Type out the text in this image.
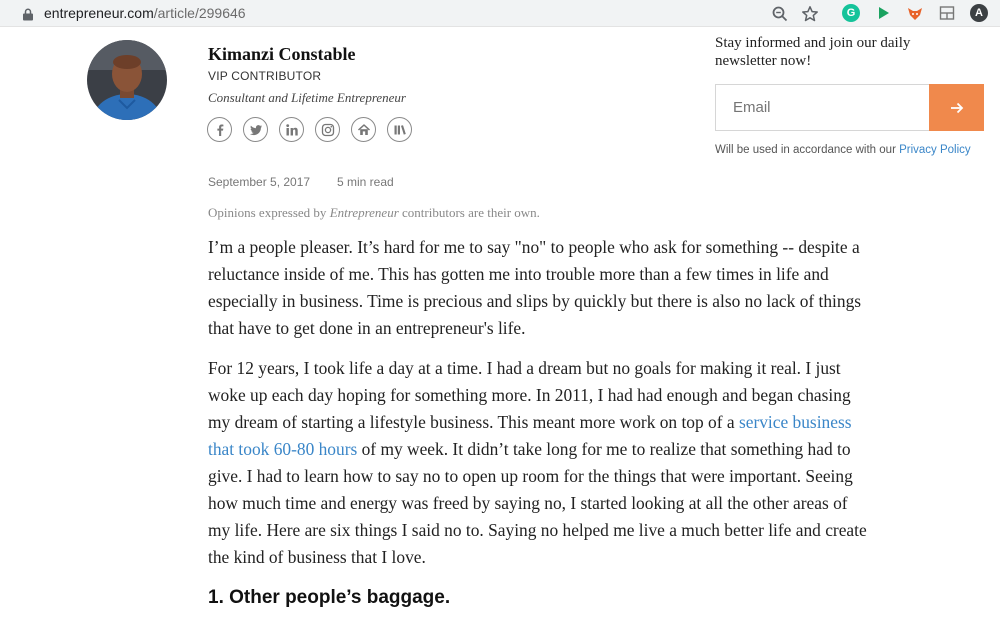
entrepreneur.com/article/299646	G	A
Kimanzi Constable
VIP CONTRIBUTOR
Consultant and Lifetime Entrepreneur
September 5, 2017 5 min read
Opinions expressed by Entrepreneur contributors are their own.
I’m a people pleaser. It’s hard for me to say "no" to people who ask for something -- despite a reluctance inside of me. This has gotten me into trouble more than a few times in life and especially in business. Time is precious and slips by quickly but there is also no lack of things that have to get done in an entrepreneur's life.
For 12 years, I took life a day at a time. I had a dream but no goals for making it real. I just woke up each day hoping for something more. In 2011, I had had enough and began chasing my dream of starting a lifestyle business. This meant more work on top of a service business that took 60-80 hours of my week. It didn’t take long for me to realize that something had to give. I had to learn how to say no to open up room for the things that were important. Seeing how much time and energy was freed by saying no, I started looking at all the other areas of my life. Here are six things I said no to. Saying no helped me live a much better life and create the kind of business that I love.
1. Other people’s baggage.
Stay informed and join our daily newsletter now!
Email
Will be used in accordance with our Privacy Policy
